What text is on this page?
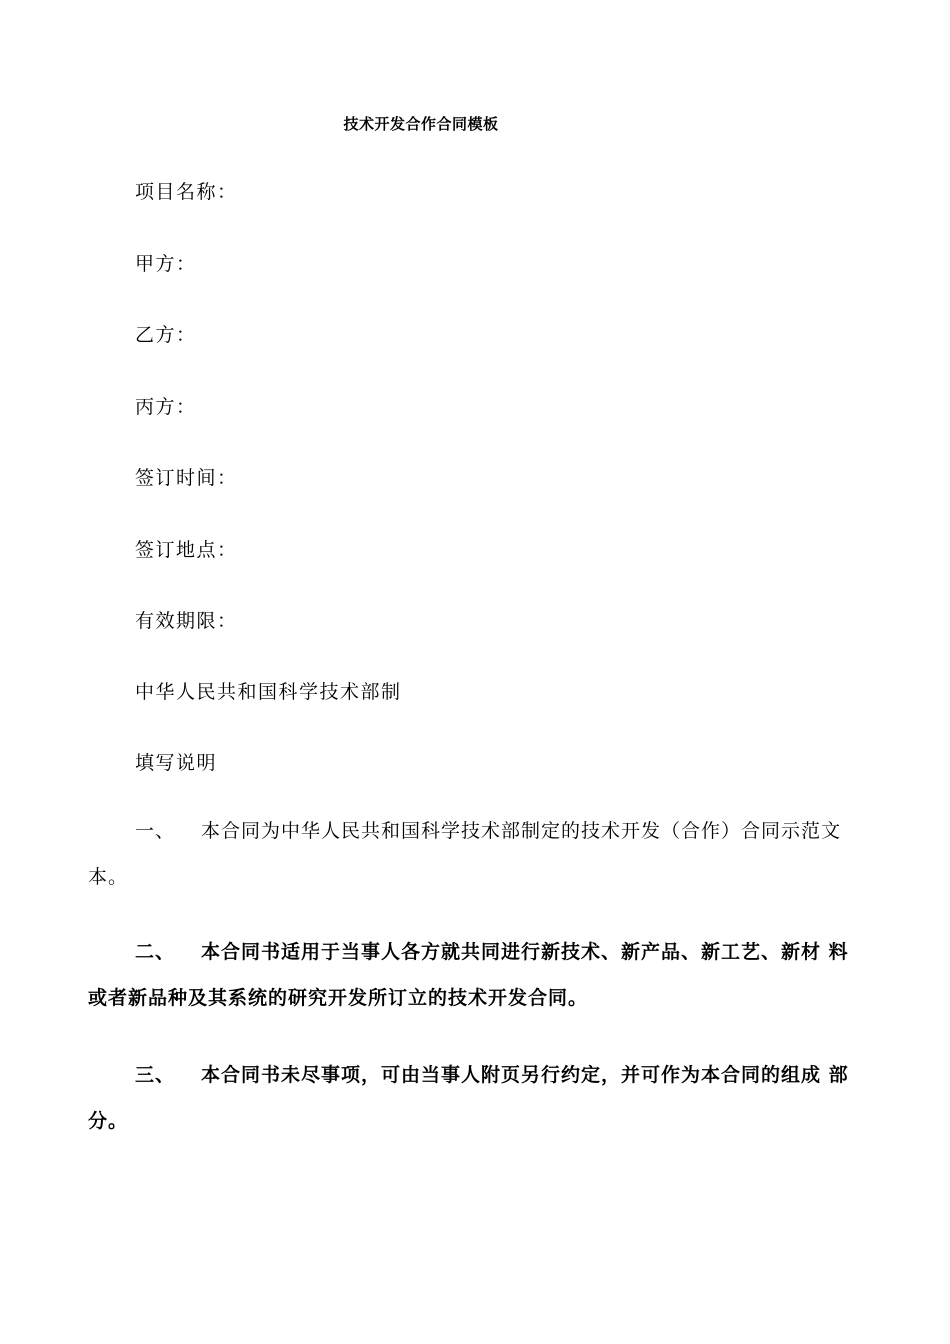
技术开发合作合同模板
项目名称：
甲方：
乙方：
丙方：
签订时间：
签订地点：
有效期限：
中华人民共和国科学技术部制
填写说明
一、 本合同为中华人民共和国科学技术部制定的技术开发（合作）合同示范文
本。
二、 本合同书适用于当事人各方就共同进行新技术、新产品、新工艺、新材 料
或者新品种及其系统的研究开发所订立的技术开发合同。
三、 本合同书未尽事项，可由当事人附页另行约定，并可作为本合同的组成 部
分。
